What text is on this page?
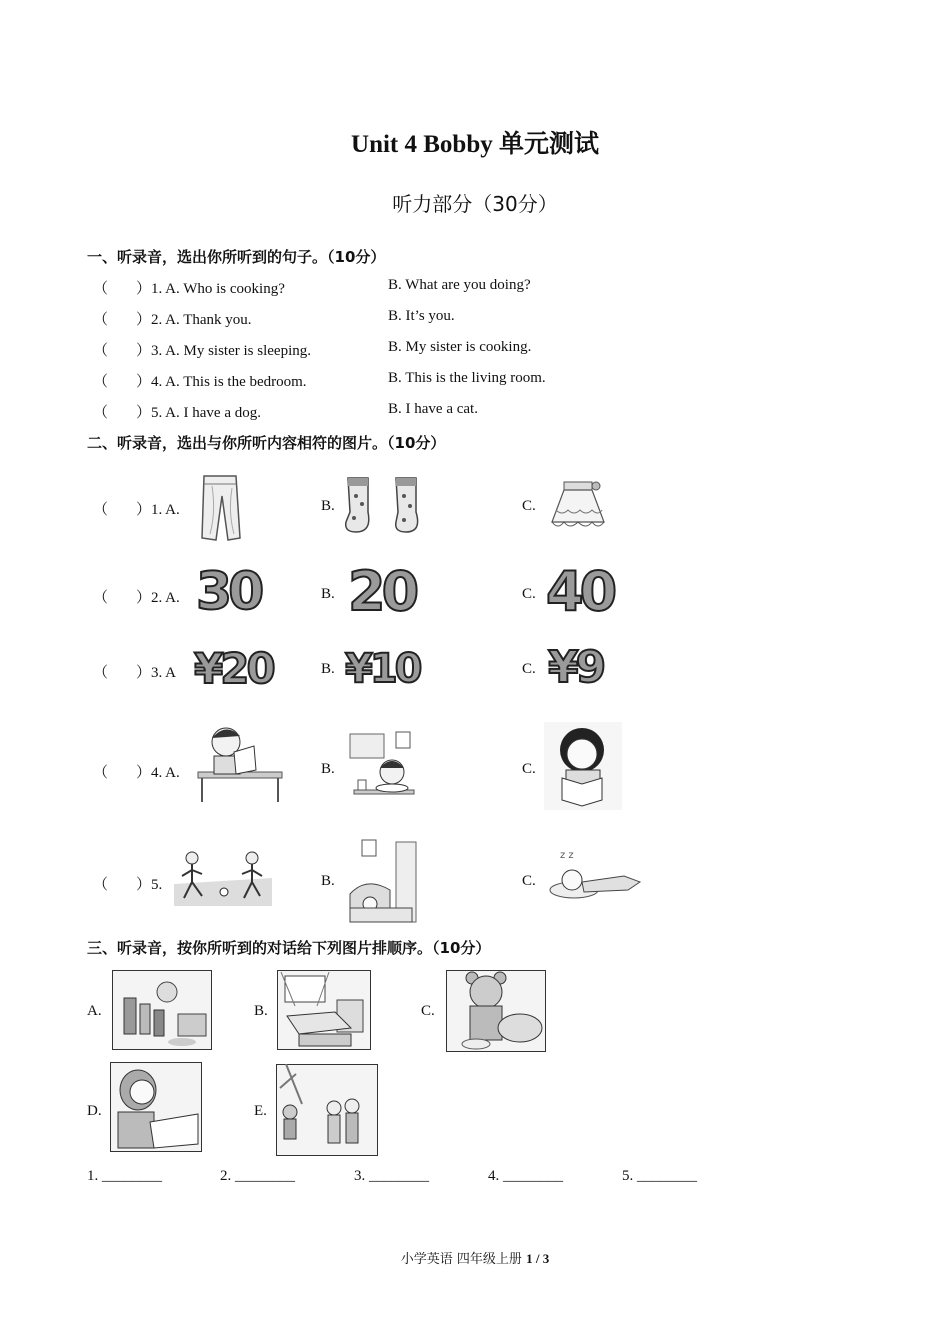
Unit 4 Bobby 单元测试
听力部分（30分）
一、听录音，选出你所听到的句子。（10分）
（ ）1. A. Who is cooking?	B. What are you doing?
（ ）2. A. Thank you.	B. It’s you.
（ ）3. A. My sister is sleeping.	B. My sister is cooking.
（ ）4. A. This is the bedroom.	B. This is the living room.
（ ）5. A. I have a dog.	B. I have a cat.
二、听录音，选出与你所听内容相符的图片。（10分）
（ ）1. A.	B.	C.
（ ）2. A. 30	B. 20	C. 40
（ ）3. A ¥20	B. ¥10	C. ¥9
（ ）4. A.	B.	C.
（ ）5.	B.	C.
z z
三、听录音，按你所听到的对话给下列图片排顺序。（10分）
A.	B.	C.
D.	E.
1. ________	2. ________	3. ________	4. ________	5. ________
小学英语 四年级上册 1 / 3
